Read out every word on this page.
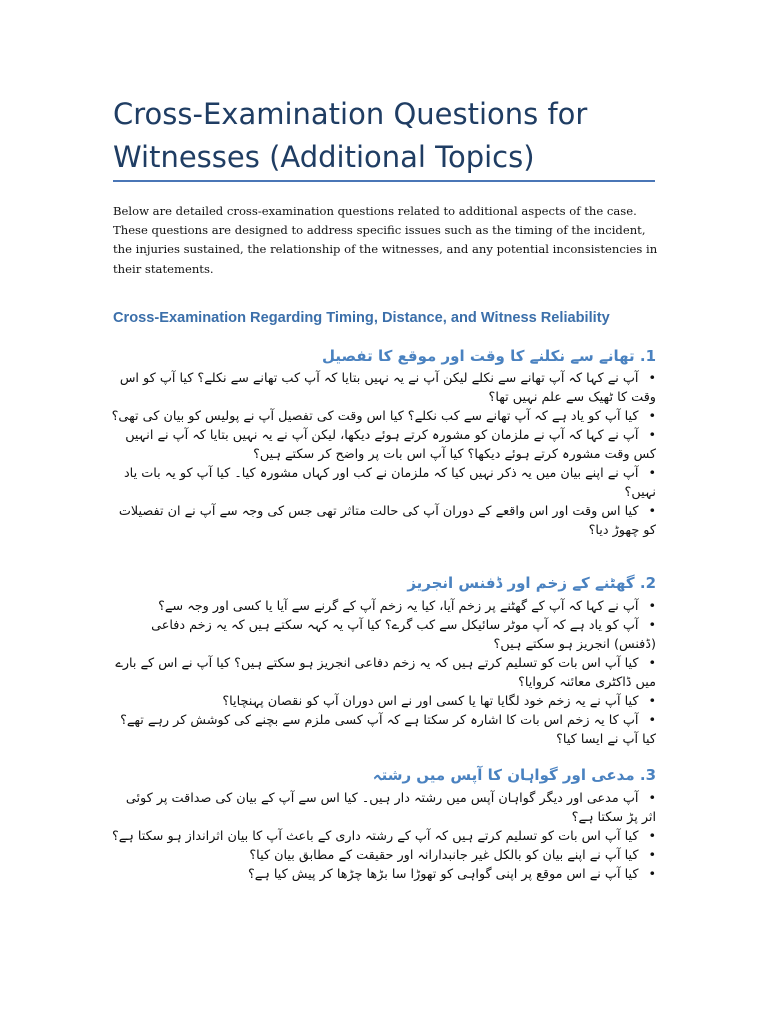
Cross-Examination Questions for Witnesses (Additional Topics)

Below are detailed cross-examination questions related to additional aspects of the case. These questions are designed to address specific issues such as the timing of the incident, the injuries sustained, the relationship of the witnesses, and any potential inconsistencies in their statements.

Cross-Examination Regarding Timing, Distance, and Witness Reliability
1. تھانے سے نکلنے کا وقت اور موقع کا تفصیل
• آپ نے کہا کہ آپ تھانے سے نکلے لیکن آپ نے یہ نہیں بتایا کہ آپ کب تھانے سے نکلے؟ کیا آپ کو اس وقت کا ٹھیک سے علم نہیں تھا؟
• کیا آپ کو یاد ہے کہ آپ تھانے سے کب نکلے؟ کیا اس وقت کی تفصیل آپ نے پولیس کو بیان کی تھی؟
• آپ نے کہا کہ آپ نے ملزمان کو مشورہ کرتے ہوئے دیکھا، لیکن آپ نے یہ نہیں بتایا کہ آپ نے انہیں کس وقت مشورہ کرتے ہوئے دیکھا؟ کیا آپ اس بات پر واضح کر سکتے ہیں؟
• آپ نے اپنے بیان میں یہ ذکر نہیں کیا کہ ملزمان نے کب اور کہاں مشورہ کیا۔ کیا آپ کو یہ بات یاد نہیں؟
• کیا اس وقت اور اس واقعے کے دوران آپ کی حالت متاثر تھی جس کی وجہ سے آپ نے ان تفصیلات کو چھوڑ دیا؟
2. گھٹنے کے زخم اور ڈفنس انجریز
• آپ نے کہا کہ آپ کے گھٹنے پر زخم آیا، کیا یہ زخم آپ کے گرنے سے آیا یا کسی اور وجہ سے؟
• آپ کو یاد ہے کہ آپ موٹر سائیکل سے کب گرے؟ کیا آپ یہ کہہ سکتے ہیں کہ یہ زخم دفاعی (ڈفنس) انجریز ہو سکتے ہیں؟
• کیا آپ اس بات کو تسلیم کرتے ہیں کہ یہ زخم دفاعی انجریز ہو سکتے ہیں؟ کیا آپ نے اس کے بارے میں ڈاکٹری معائنہ کروایا؟
• کیا آپ نے یہ زخم خود لگایا تھا یا کسی اور نے اس دوران آپ کو نقصان پہنچایا؟
• آپ کا یہ زخم اس بات کا اشارہ کر سکتا ہے کہ آپ کسی ملزم سے بچنے کی کوشش کر رہے تھے؟ کیا آپ نے ایسا کیا؟
3. مدعی اور گواہان کا آپس میں رشتہ
• آپ مدعی اور دیگر گواہان آپس میں رشتہ دار ہیں۔ کیا اس سے آپ کے بیان کی صداقت پر کوئی اثر پڑ سکتا ہے؟
• کیا آپ اس بات کو تسلیم کرتے ہیں کہ آپ کے رشتہ داری کے باعث آپ کا بیان اثرانداز ہو سکتا ہے؟
• کیا آپ نے اپنے بیان کو بالکل غیر جانبدارانہ اور حقیقت کے مطابق بیان کیا؟
• کیا آپ نے اس موقع پر اپنی گواہی کو تھوڑا سا بڑھا چڑھا کر پیش کیا ہے؟
